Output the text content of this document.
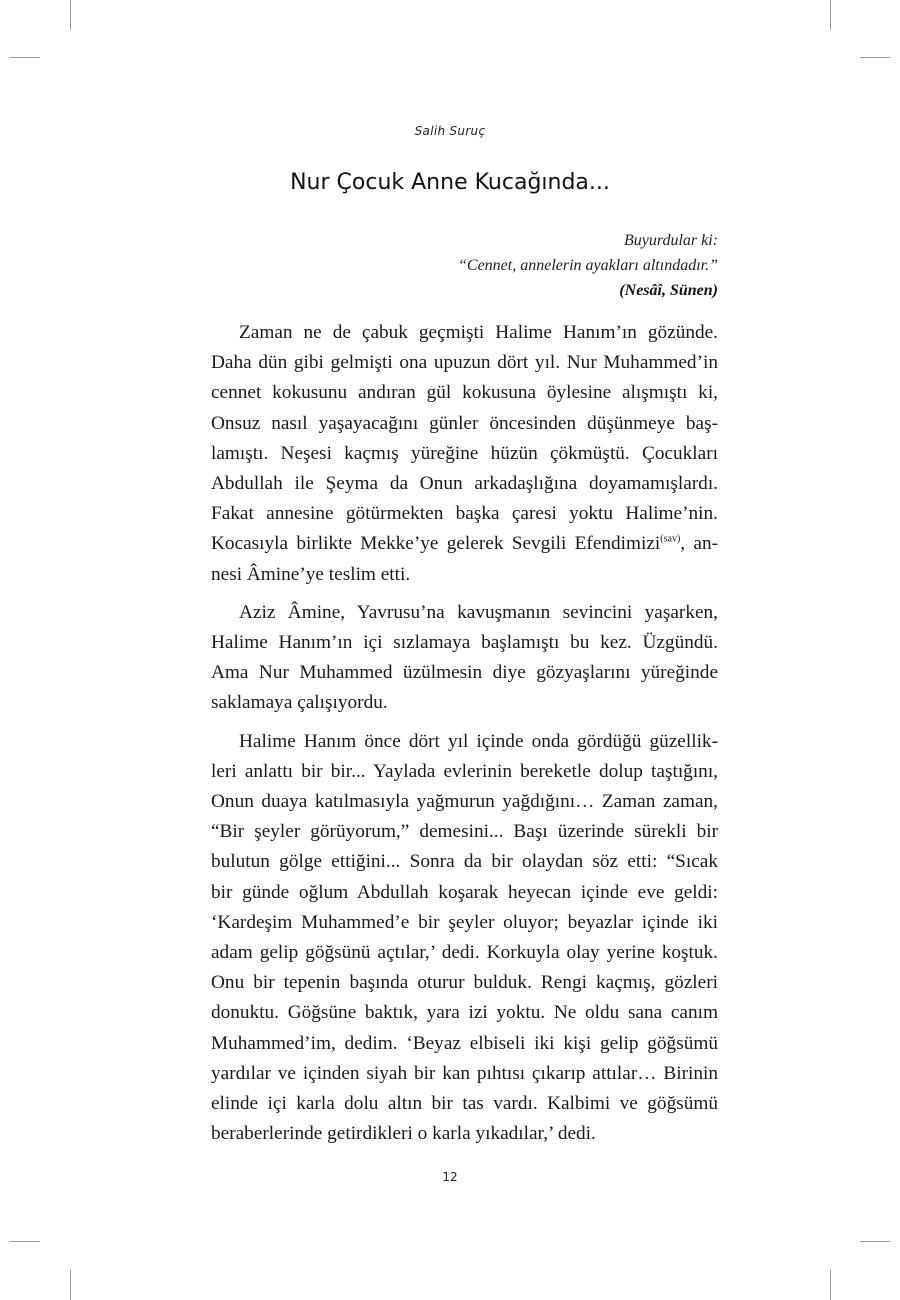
Salih Suruç
Nur Çocuk Anne Kucağında...
Buyurdular ki:
“Cennet, annelerin ayakları altındadır.”
(Nesâî, Sünen)

Zaman ne de çabuk geçmişti Halime Hanım’ın gözünde.
Daha dün gibi gelmişti ona upuzun dört yıl. Nur Muhammed’in
cennet kokusunu andıran gül kokusuna öylesine alışmıştı ki,
Onsuz nasıl yaşayacağını günler öncesinden düşünmeye baş-
lamıştı. Neşesi kaçmış yüreğine hüzün çökmüştü. Çocukları
Abdullah ile Şeyma da Onun arkadaşlığına doyamamışlardı.
Fakat annesine götürmekten başka çaresi yoktu Halime’nin.
Kocasıyla birlikte Mekke’ye gelerek Sevgili Efendimizi$^{(sav)}$, an-
nesi Âmine’ye teslim etti.

Aziz Âmine, Yavrusu’na kavuşmanın sevincini yaşarken,
Halime Hanım’ın içi sızlamaya başlamıştı bu kez. Üzgündü.
Ama Nur Muhammed üzülmesin diye gözyaşlarını yüreğinde
saklamaya çalışıyordu.

Halime Hanım önce dört yıl içinde onda gördüğü güzellik-
leri anlattı bir bir... Yaylada evlerinin bereketle dolup taştığını,
Onun duaya katılmasıyla yağmurun yağdığını… Zaman zaman,
“Bir şeyler görüyorum,” demesini... Başı üzerinde sürekli bir
bulutun gölge ettiğini... Sonra da bir olaydan söz etti: “Sıcak
bir günde oğlum Abdullah koşarak heyecan içinde eve geldi:
‘Kardeşim Muhammed’e bir şeyler oluyor; beyazlar içinde iki
adam gelip göğsünü açtılar,’ dedi. Korkuyla olay yerine koştuk.
Onu bir tepenin başında oturur bulduk. Rengi kaçmış, gözleri
donuktu. Göğsüne baktık, yara izi yoktu. Ne oldu sana canım
Muhammed’im, dedim. ‘Beyaz elbiseli iki kişi gelip göğsümü
yardılar ve içinden siyah bir kan pıhtısı çıkarıp attılar… Birinin
elinde içi karla dolu altın bir tas vardı. Kalbimi ve göğsümü
beraberlerinde getirdikleri o karla yıkadılar,’ dedi.

12
